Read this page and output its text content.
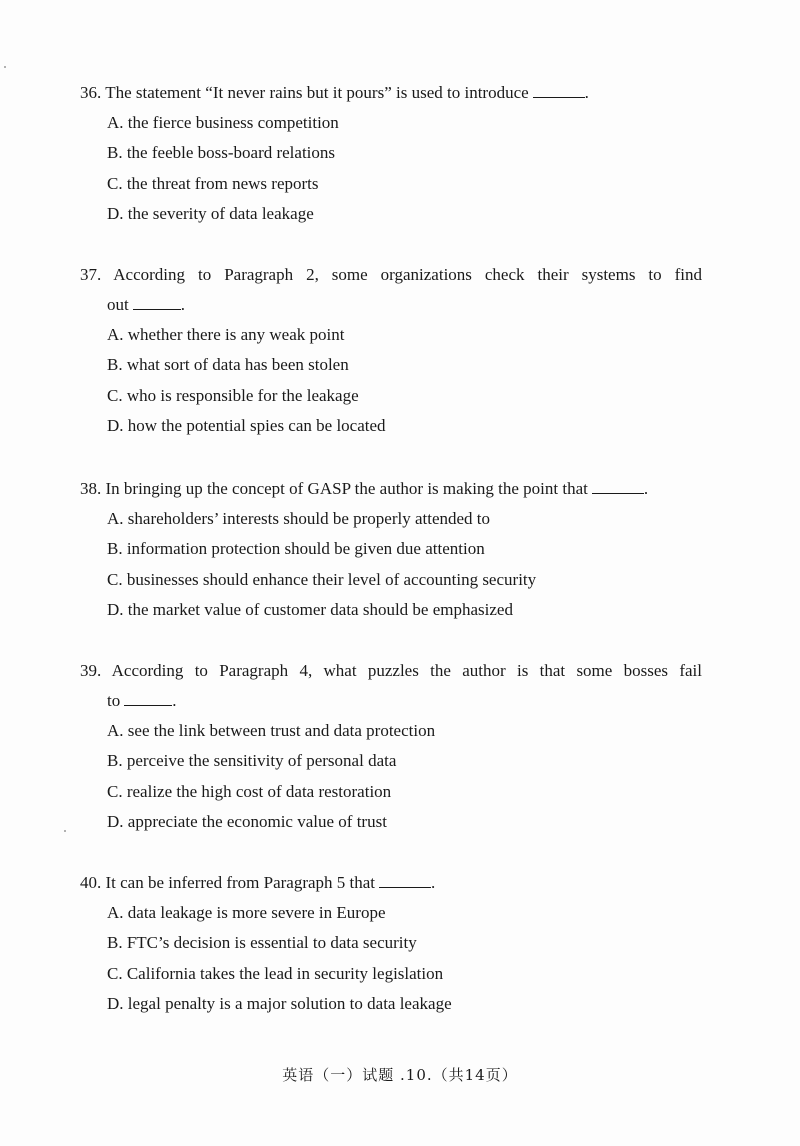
36. The statement “It never rains but it pours” is used to introduce	.

A. the fierce business competition
B. the feeble boss-board relations
C. the threat from news reports
D. the severity of data leakage

37. According to Paragraph 2, some organizations check their systems to find

out	.

A. whether there is any weak point
B. what sort of data has been stolen
C. who is responsible for the leakage
D. how the potential spies can be located

38. In bringing up the concept of GASP the author is making the point that	.

A. shareholders’ interests should be properly attended to
B. information protection should be given due attention
C. businesses should enhance their level of accounting security
D. the market value of customer data should be emphasized

39. According to Paragraph 4, what puzzles the author is that some bosses fail

to	.

A. see the link between trust and data protection
B. perceive the sensitivity of personal data
C. realize the high cost of data restoration
D. appreciate the economic value of trust

40. It can be inferred from Paragraph 5 that	.

A. data leakage is more severe in Europe
B. FTC’s decision is essential to data security
C. California takes the lead in security legislation
D. legal penalty is a major solution to data leakage
英语（一）试题 .10.（共14页）
